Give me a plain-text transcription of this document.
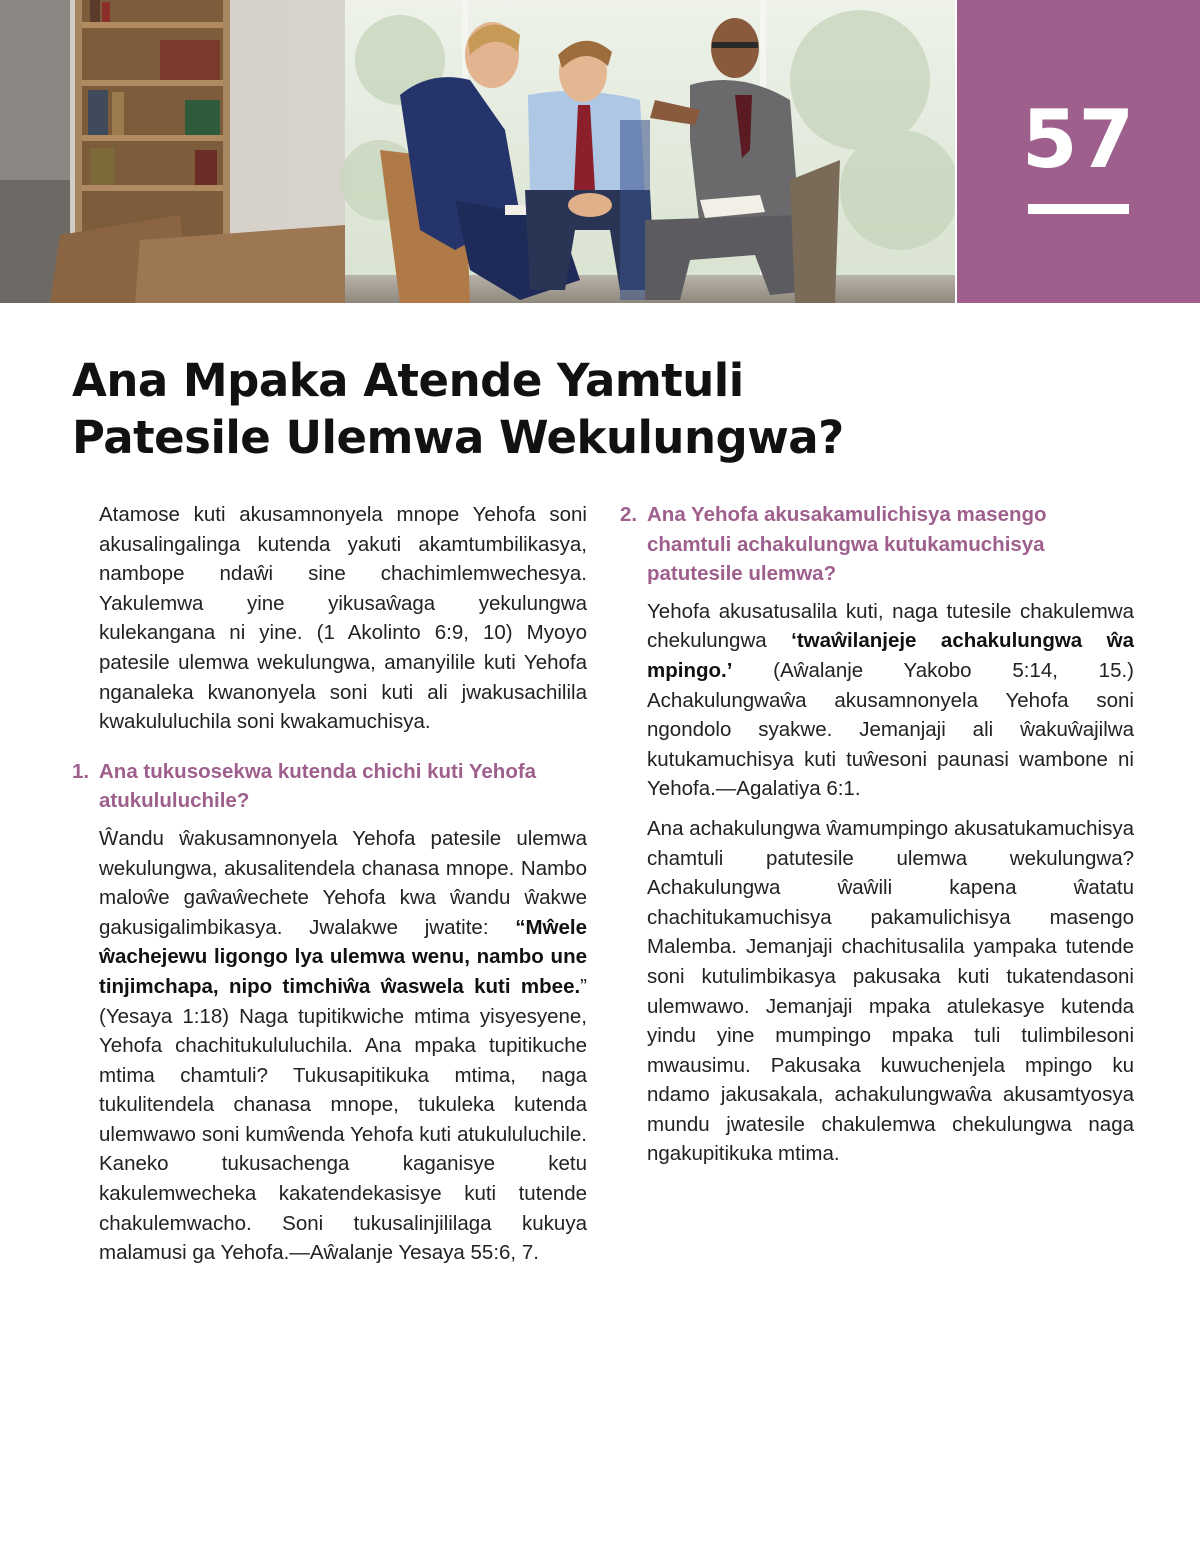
57
Ana Mpaka Atende Yamtuli
Patesile Ulemwa Wekulungwa?

Atamose kuti akusamnonyela mnope Yehofa soni akusalingalinga kutenda yakuti akamtumbilikasya, nambope ndaŵi sine chachimlemwechesya. Yakulemwa yine yikusaŵaga yekulungwa kulekangana ni yine. (1 Akolinto 6:9, 10) Myoyo patesile ulemwa wekulungwa, amanyilile kuti Yehofa nganaleka kwanonyela soni kuti ali jwakusachilila kwakululuchila soni kwakamuchisya.

1. Ana tukusosekwa kutenda chichi kuti Yehofa atukululuchile?

Ŵandu ŵakusamnonyela Yehofa patesile ulemwa wekulungwa, akusalitendela chanasa mnope. Nambo maloŵe gaŵaŵechete Yehofa kwa ŵandu ŵakwe gakusigalimbikasya. Jwalakwe jwatite: “Mŵele ŵachejewu ligongo lya ulemwa wenu, nambo une tinjimchapa, nipo timchiŵa ŵaswela kuti mbee.” (Yesaya 1:18) Naga tupitikwiche mtima yisyesyene, Yehofa chachitukululuchila. Ana mpaka tupitikuche mtima chamtuli? Tukusapitikuka mtima, naga tukulitendela chanasa mnope, tukuleka kutenda ulemwawo soni kumŵenda Yehofa kuti atukululuchile. Kaneko tukusachenga kaganisye ketu kakulemwecheka kakatendekasisye kuti tutende chakulemwacho. Soni tukusalinjililaga kukuya malamusi ga Yehofa.—Aŵalanje Yesaya 55:6, 7.

2. Ana Yehofa akusakamulichisya masengo chamtuli achakulungwa kutukamuchisya patutesile ulemwa?

Yehofa akusatusalila kuti, naga tutesile chakulemwa chekulungwa ‘twaŵilanjeje achakulungwa ŵa mpingo.’ (Aŵalanje Yakobo 5:14, 15.) Achakulungwaŵa akusamnonyela Yehofa soni ngondolo syakwe. Jemanjaji ali ŵakuŵajilwa kutukamuchisya kuti tuŵesoni paunasi wambone ni Yehofa.—Agalatiya 6:1.

Ana achakulungwa ŵamumpingo akusatukamuchisya chamtuli patutesile ulemwa wekulungwa? Achakulungwa ŵaŵili kapena ŵatatu chachitukamuchisya pakamulichisya masengo Malemba. Jemanjaji chachitusalila yampaka tutende soni kutulimbikasya pakusaka kuti tukatendasoni ulemwawo. Jemanjaji mpaka atulekasye kutenda yindu yine mumpingo mpaka tuli tulimbilesoni mwausimu. Pakusaka kuwuchenjela mpingo ku ndamo jakusakala, achakulungwaŵa akusamtyosya mundu jwatesile chakulemwa chekulungwa naga ngakupitikuka mtima.
